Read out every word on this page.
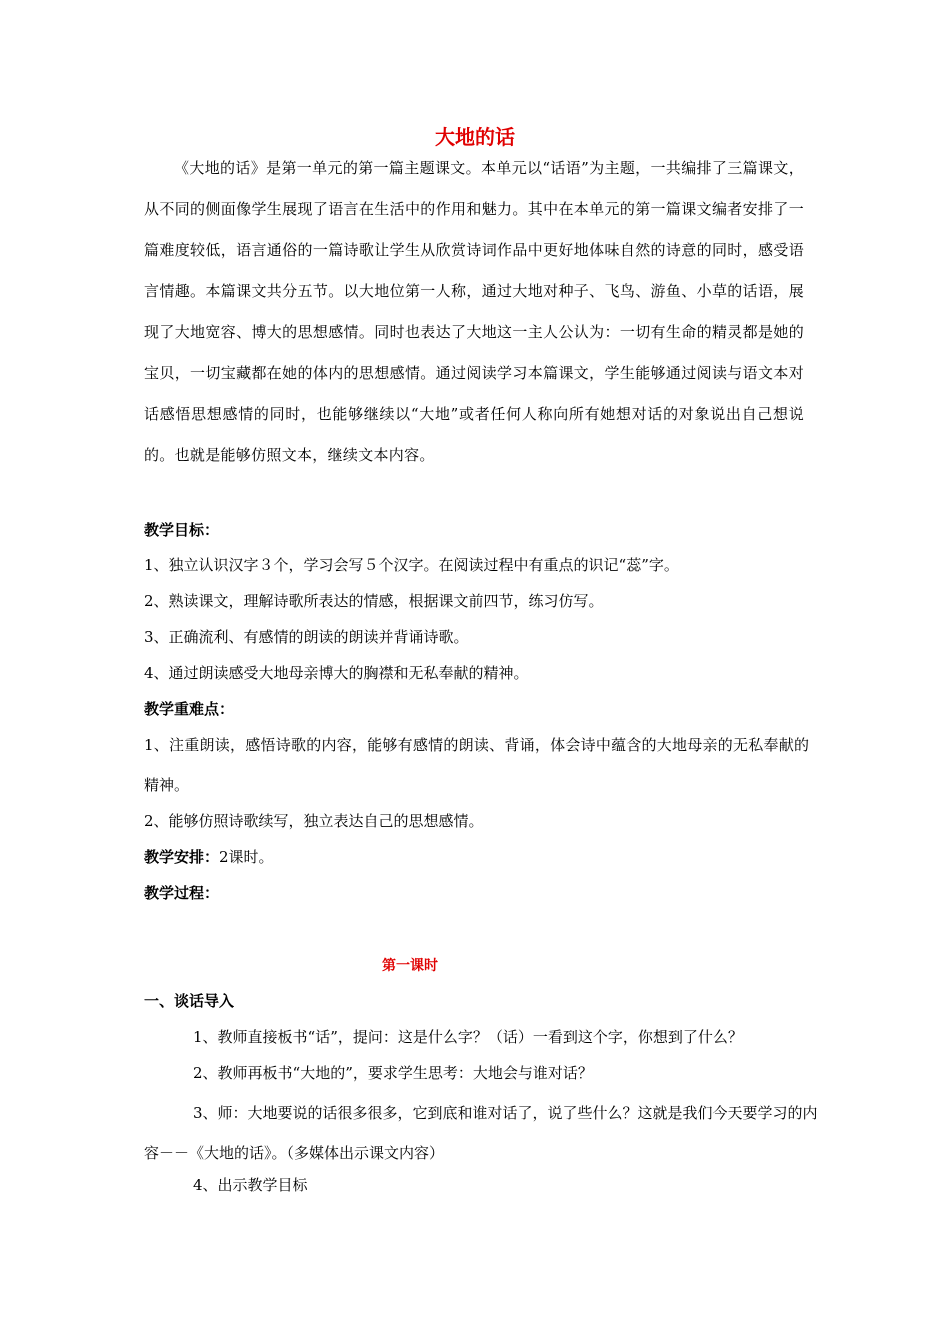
大地的话
《大地的话》是第一单元的第一篇主题课文。本单元以“话语”为主题，一共编排了三篇课文，从不同的侧面像学生展现了语言在生活中的作用和魅力。其中在本单元的第一篇课文编者安排了一篇难度较低，语言通俗的一篇诗歌让学生从欣赏诗词作品中更好地体味自然的诗意的同时，感受语言情趣。本篇课文共分五节。以大地位第一人称，通过大地对种子、飞鸟、游鱼、小草的话语，展现了大地宽容、博大的思想感情。同时也表达了大地这一主人公认为：一切有生命的精灵都是她的宝贝，一切宝藏都在她的体内的思想感情。通过阅读学习本篇课文，学生能够通过阅读与语文本对话感悟思想感情的同时，也能够继续以“大地”或者任何人称向所有她想对话的对象说出自己想说的。也就是能够仿照文本，继续文本内容。
教学目标：
1、独立认识汉字３个，学习会写５个汉字。在阅读过程中有重点的识记“蕊”字。
2、熟读课文，理解诗歌所表达的情感，根据课文前四节，练习仿写。
3、正确流利、有感情的朗读的朗读并背诵诗歌。
4、通过朗读感受大地母亲博大的胸襟和无私奉献的精神。
教学重难点：
1、注重朗读，感悟诗歌的内容，能够有感情的朗读、背诵，体会诗中蕴含的大地母亲的无私奉献的精神。
2、能够仿照诗歌续写，独立表达自己的思想感情。
教学安排：2课时。
教学过程：
第一课时
一、谈话导入
1、教师直接板书“话”，提问：这是什么字？（话）一看到这个字，你想到了什么？
2、教师再板书“大地的”，要求学生思考：大地会与谁对话？
3、师：大地要说的话很多很多，它到底和谁对话了，说了些什么？这就是我们今天要学习的内容－－《大地的话》。（多媒体出示课文内容）
4、出示教学目标
